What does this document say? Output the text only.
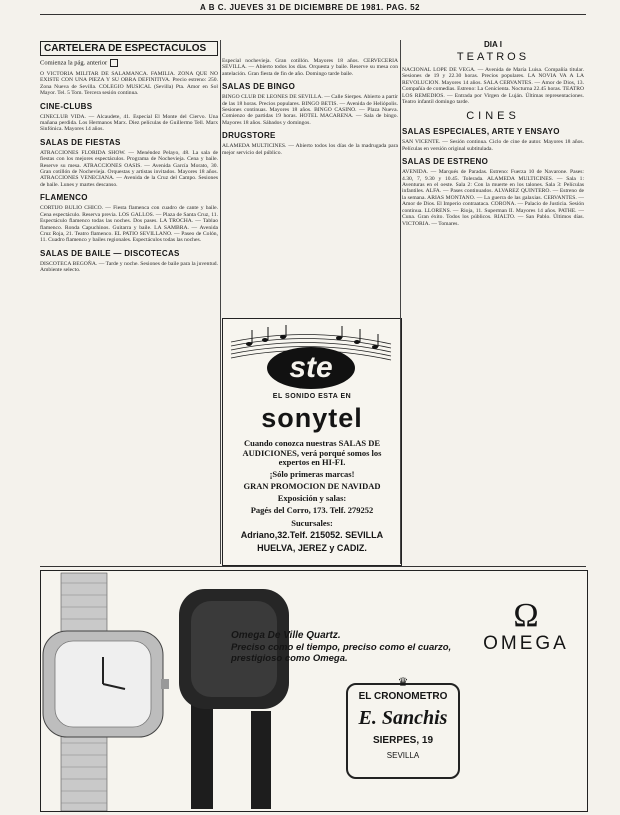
A B C. JUEVES 31 DE DICIEMBRE DE 1981. PAG. 52
CARTELERA DE ESPECTACULOS
Comienza la pág. anterior
O VICTORIA MILITAR DE SALAMANCA. FAMILIA. ZONA QUE NO EXISTE CON UNA PIEZA Y SU OBRA DEFINITIVA. Precio estreno: 250. Zona Nueva de Sevilla. COLEGIO MUSICAL (Sevilla) Pta. Amor en Sol Mayor. Tel. 5 Tom. Tercera sesión continua.
CINE-CLUBS
CINECLUB VIDA. — Alcaudete, 41. Especial El Monte del Ciervo. Una mañana perdida. Los Hermanos Marx. Diez películas de Guillermo Tell. Marx Sinfónica. Mayores 14 años.
SALAS DE FIESTAS
ATRACCIONES FLORIDA SHOW. — Menéndez Pelayo, 48. La sala de fiestas con los mejores espectáculos. Programa de Nochevieja. Cena y baile. Reserve su mesa. ATRACCIONES OASIS. — Avenida García Morato, 30. Gran cotillón de Nochevieja. Orquestas y artistas invitados. Mayores 18 años. ATRACCIONES VENECIANA. — Avenida de la Cruz del Campo. Sesiones de baile. Lunes y martes descanso.
FLAMENCO
CORTIJO BULIO CHICO. — Fiesta flamenca con cuadro de cante y baile. Cena espectáculo. Reserva previa. LOS GALLOS. — Plaza de Santa Cruz, 11. Espectáculo flamenco todas las noches. Dos pases. LA TROCHA. — Tablao flamenco. Ronda Capuchinos. Guitarra y baile. LA SAMBRA. — Avenida Cruz Roja, 21. Teatro flamenco. EL PATIO SEVILLANO. — Paseo de Colón, 11. Cuadro flamenco y bailes regionales. Espectáculos todas las noches.
SALAS DE BAILE — DISCOTECAS
DISCOTECA BEGOÑA. — Tarde y noche. Sesiones de baile para la juventud. Ambiente selecto.
Especial nochevieja. Gran cotillón. Mayores 18 años. CERVECERIA SEVILLA. — Abierto todos los días. Orquesta y baile. Reserve su mesa con antelación. Gran fiesta de fin de año. Domingo tarde baile.
SALAS DE BINGO
BINGO CLUB DE LEONES DE SEVILLA. — Calle Sierpes. Abierto a partir de las 18 horas. Precios populares. BINGO BETIS. — Avenida de Heliópolis. Sesiones continuas. Mayores 18 años. BINGO CASINO. — Plaza Nueva. Comienzo de partidas 19 horas. HOTEL MACARENA. — Sala de bingo. Mayores 18 años. Sábados y domingos.
DRUGSTORE
ALAMEDA MULTICINES. — Abierto todos los días de la madrugada para mejor servicio del público.
ste
EL SONIDO ESTA EN
sonytel
Cuando conozca nuestras SALAS DE AUDICIONES, verá porqué somos los expertos en HI-FI.
¡Sólo primeras marcas!
GRAN PROMOCION DE NAVIDAD
Exposición y salas:
Pagés del Corro, 173. Telf. 279252
Sucursales:
Adriano,32.Telf. 215052. SEVILLA
HUELVA, JEREZ y CADIZ.
DIA I
TEATROS
NACIONAL LOPE DE VEGA. — Avenida de María Luisa. Compañía titular. Sesiones de 19 y 22.30 horas. Precios populares. LA NOVIA VA A LA REVOLUCION. Mayores 14 años. SALA CERVANTES. — Amor de Dios, 13. Compañía de comedias. Estreno: La Cenicienta. Nocturna 22.45 horas. TEATRO LOS REMEDIOS. — Entrada por Virgen de Luján. Últimas representaciones. Teatro infantil domingo tarde.
CINES
SALAS ESPECIALES, ARTE Y ENSAYO
SAN VICENTE. — Sesión continua. Ciclo de cine de autor. Mayores 18 años. Películas en versión original subtitulada.
SALAS DE ESTRENO
AVENIDA. — Marqués de Paradas. Estreno: Fuerza 10 de Navarone. Pases: 4.30, 7, 9.30 y 10.45. Tolerada. ALAMEDA MULTICINES. — Sala 1: Aventuras en el oeste. Sala 2: Con la muerte en los talones. Sala 3: Películas infantiles. ALFA. — Pases continuados. ALVAREZ QUINTERO. — Estreno de la semana. ARIAS MONTANO. — La guerra de las galaxias. CERVANTES. — Amor de Dios. El Imperio contraataca. CORONA. — Palacio de Justicia. Sesión continua. LLORENS. — Rioja, 11. Superman II. Mayores 14 años. PATHE. — Cuna. Gran éxito. Todos los públicos. RIALTO. — San Pablo. Últimos días. VICTORIA. — Tomares.
Ω
OMEGA
Omega De Ville Quartz.
Preciso como el tiempo, preciso como el cuarzo, prestigioso como Omega.
♛
EL CRONOMETRO
E. Sanchis
SIERPES, 19
SEVILLA
